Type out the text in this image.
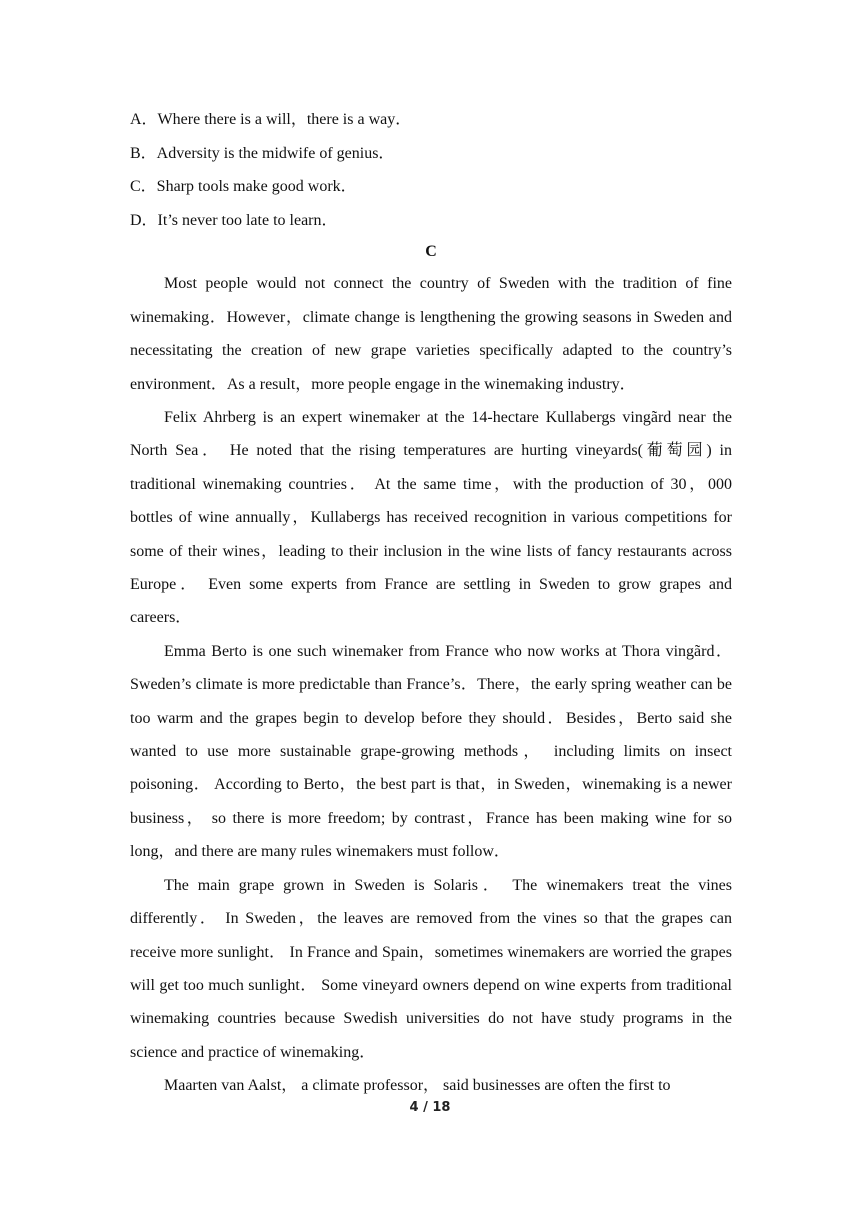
A．Where there is a will，there is a way．

B．Adversity is the midwife of genius．

C．Sharp tools make good work．

D．It’s never too late to learn．

C

Most people would not connect the country of Sweden with the tradition of fine winemaking．However，climate change is lengthening the growing seasons in Sweden and necessitating the creation of new grape varieties specifically adapted to the country’s environment．As a result，more people engage in the winemaking industry．

Felix Ahrberg is an expert winemaker at the 14-hectare Kullabergs vingãrd near the North Sea． He noted that the rising temperatures are hurting vineyards(葡萄园) in traditional winemaking countries． At the same time，with the production of 30，000 bottles of wine annually，Kullabergs has received recognition in various competitions for some of their wines，leading to their inclusion in the wine lists of fancy restaurants across Europe． Even some experts from France are settling in Sweden to grow grapes and careers．

Emma Berto is one such winemaker from France who now works at Thora vingãrd．Sweden’s climate is more predictable than France’s．There，the early spring weather can be too warm and the grapes begin to develop before they should．Besides，Berto said she wanted to use more sustainable grape-growing methods， including limits on insect poisoning． According to Berto，the best part is that，in Sweden，winemaking is a newer business， so there is more freedom; by contrast，France has been making wine for so long，and there are many rules winemakers must follow．

The main grape grown in Sweden is Solaris． The winemakers treat the vines differently． In Sweden，the leaves are removed from the vines so that the grapes can receive more sunlight． In France and Spain，sometimes winemakers are worried the grapes will get too much sunlight． Some vineyard owners depend on wine experts from traditional winemaking countries because Swedish universities do not have study programs in the science and practice of winemaking．

Maarten van Aalst， a climate professor， said businesses are often the first to

4 / 18
